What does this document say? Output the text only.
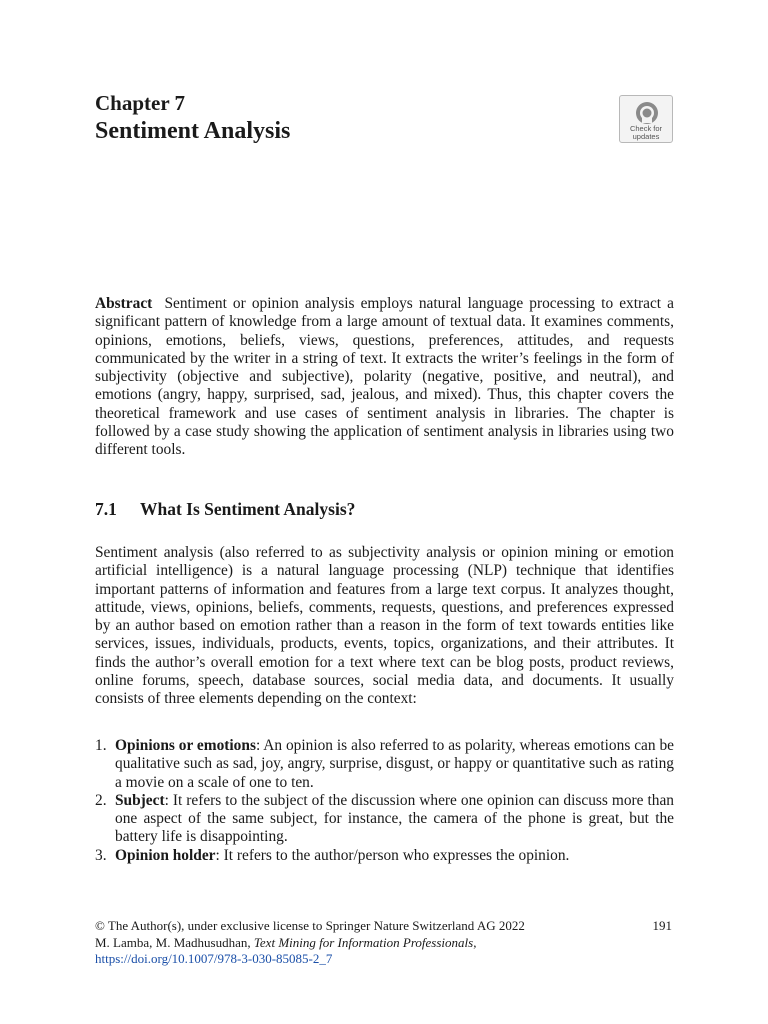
Chapter 7
Sentiment Analysis	Check for
updates

Abstract Sentiment or opinion analysis employs natural language processing to extract a significant pattern of knowledge from a large amount of textual data. It examines comments, opinions, emotions, beliefs, views, questions, preferences, attitudes, and requests communicated by the writer in a string of text. It extracts the writer’s feelings in the form of subjectivity (objective and subjective), polarity (negative, positive, and neutral), and emotions (angry, happy, surprised, sad, jealous, and mixed). Thus, this chapter covers the theoretical framework and use cases of sentiment analysis in libraries. The chapter is followed by a case study showing the application of sentiment analysis in libraries using two different tools.

7.1 What Is Sentiment Analysis?

Sentiment analysis (also referred to as subjectivity analysis or opinion mining or emotion artificial intelligence) is a natural language processing (NLP) technique that identifies important patterns of information and features from a large text corpus. It analyzes thought, attitude, views, opinions, beliefs, comments, requests, questions, and preferences expressed by an author based on emotion rather than a reason in the form of text towards entities like services, issues, individuals, products, events, topics, organizations, and their attributes. It finds the author’s overall emotion for a text where text can be blog posts, product reviews, online forums, speech, database sources, social media data, and documents. It usually consists of three elements depending on the context:

1. Opinions or emotions: An opinion is also referred to as polarity, whereas emotions can be qualitative such as sad, joy, angry, surprise, disgust, or happy or quantitative such as rating a movie on a scale of one to ten.
2. Subject: It refers to the subject of the discussion where one opinion can discuss more than one aspect of the same subject, for instance, the camera of the phone is great, but the battery life is disappointing.
3. Opinion holder: It refers to the author/person who expresses the opinion.
© The Author(s), under exclusive license to Springer Nature Switzerland AG 2022	191
M. Lamba, M. Madhusudhan, Text Mining for Information Professionals,
https://doi.org/10.1007/978-3-030-85085-2_7
